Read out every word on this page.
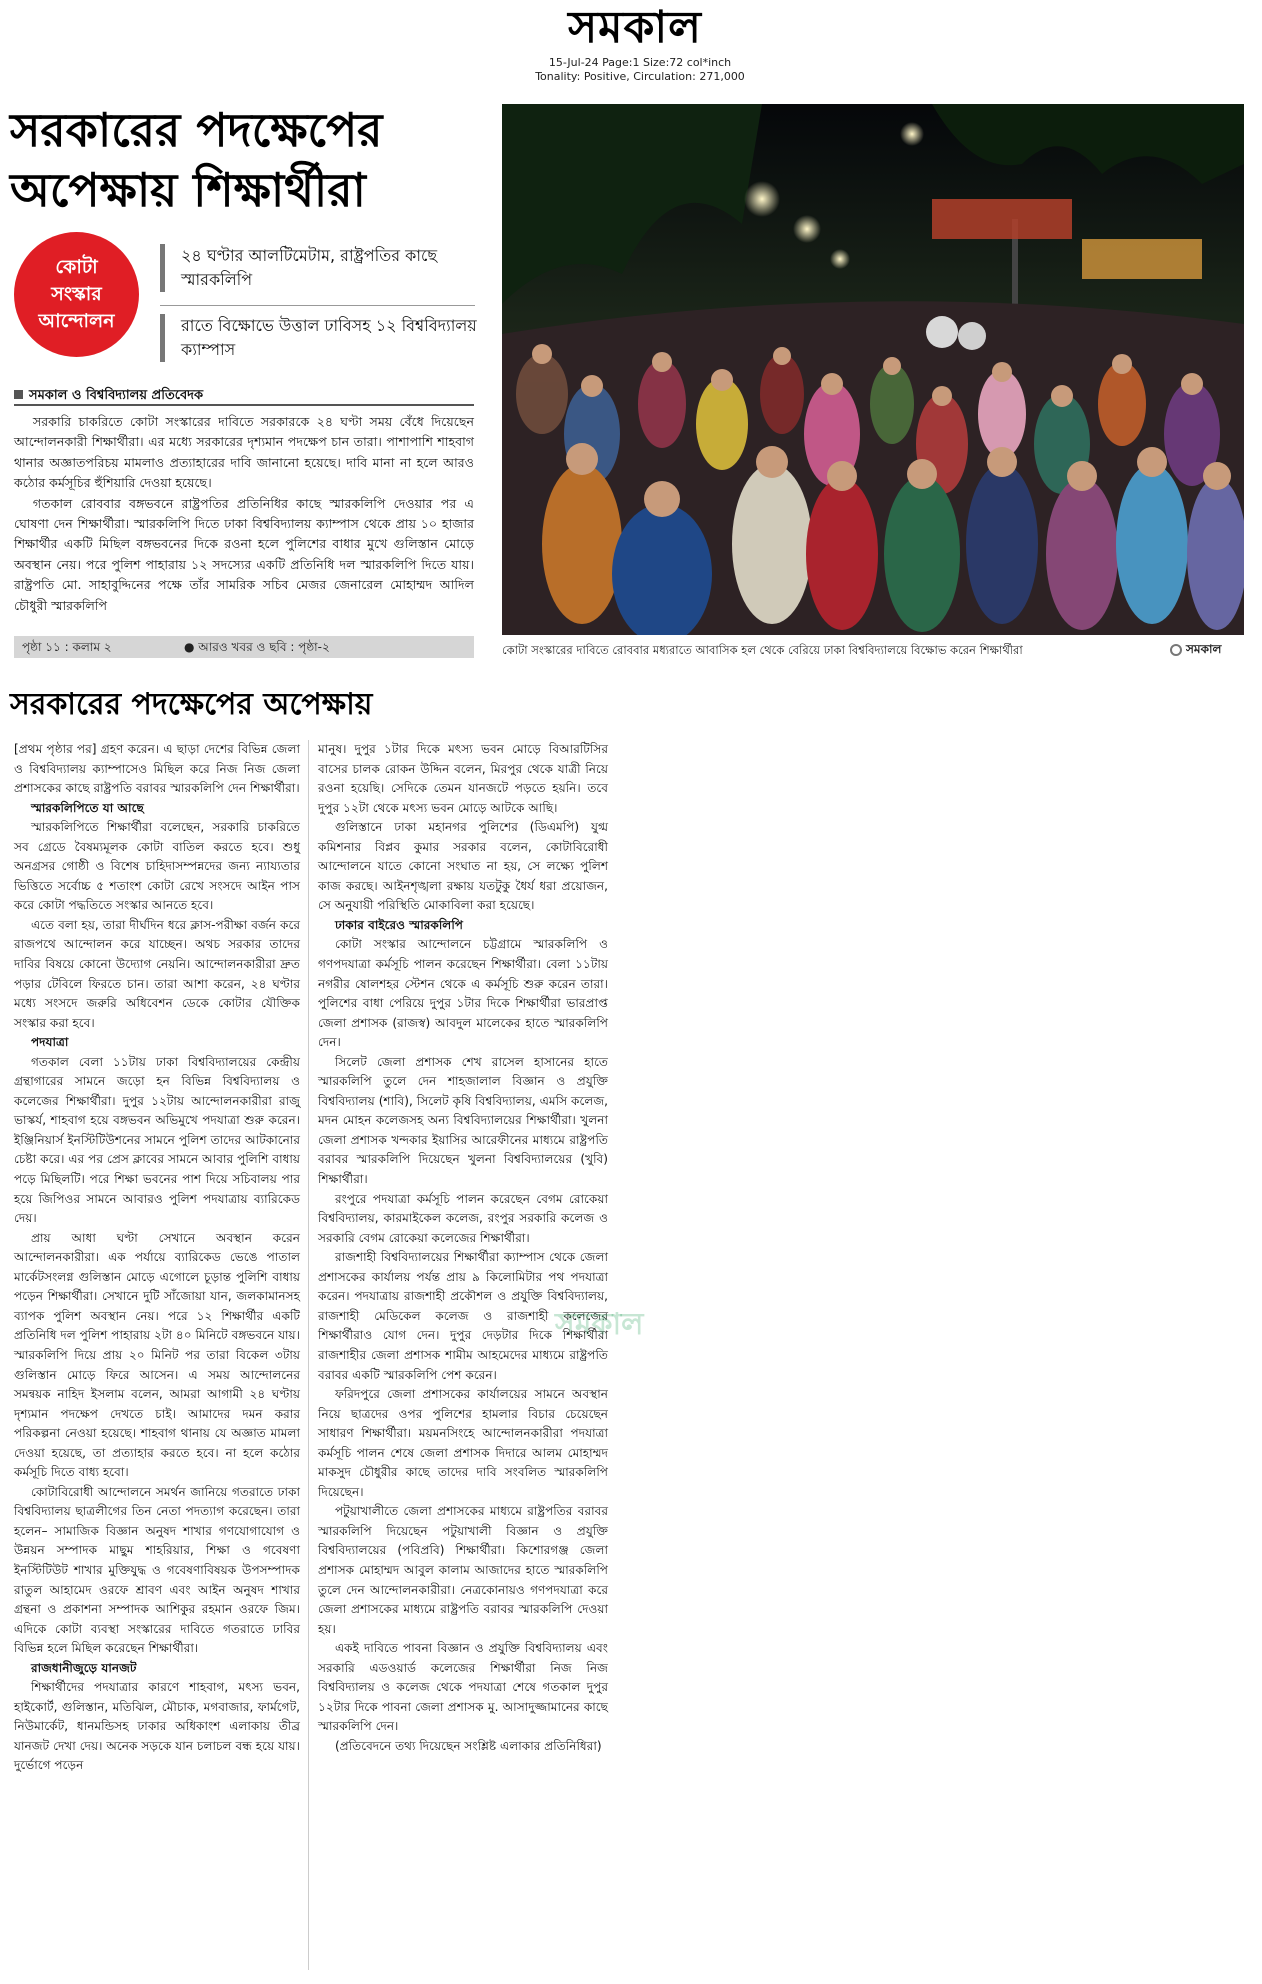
সমকাল
15-Jul-24 Page:1 Size:72 col*inch
Tonality: Positive, Circulation: 271,000
সরকারের পদক্ষেপের
অপেক্ষায় শিক্ষার্থীরা
কোটা
সংস্কার
আন্দোলন
২৪ ঘণ্টার আলটিমেটাম, রাষ্ট্রপতির কাছে স্মারকলিপি
রাতে বিক্ষোভে উত্তাল ঢাবিসহ ১২ বিশ্ববিদ্যালয় ক্যাম্পাস
সমকাল ও বিশ্ববিদ্যালয় প্রতিবেদক

সরকারি চাকরিতে কোটা সংস্কারের দাবিতে সরকারকে ২৪ ঘণ্টা সময় বেঁধে দিয়েছেন আন্দোলনকারী শিক্ষার্থীরা। এর মধ্যে সরকারের দৃশ্যমান পদক্ষেপ চান তারা। পাশাপাশি শাহবাগ থানার অজ্ঞাতপরিচয় মামলাও প্রত্যাহারের দাবি জানানো হয়েছে। দাবি মানা না হলে আরও কঠোর কর্মসূচির হুঁশিয়ারি দেওয়া হয়েছে।

গতকাল রোববার বঙ্গভবনে রাষ্ট্রপতির প্রতিনিধির কাছে স্মারকলিপি দেওয়ার পর এ ঘোষণা দেন শিক্ষার্থীরা। স্মারকলিপি দিতে ঢাকা বিশ্ববিদ্যালয় ক্যাম্পাস থেকে প্রায় ১০ হাজার শিক্ষার্থীর একটি মিছিল বঙ্গভবনের দিকে রওনা হলে পুলিশের বাধার মুখে গুলিস্তান মোড়ে অবস্থান নেয়। পরে পুলিশ পাহারায় ১২ সদস্যের একটি প্রতিনিধি দল স্মারকলিপি দিতে যায়। রাষ্ট্রপতি মো. সাহাবুদ্দিনের পক্ষে তাঁর সামরিক সচিব মেজর জেনারেল মোহাম্মদ আদিল চৌধুরী স্মারকলিপি

পৃষ্ঠা ১১ : কলাম ২	● আরও খবর ও ছবি : পৃষ্ঠা-২	কোটা সংস্কারের দাবিতে রোববার মধ্যরাতে আবাসিক হল থেকে বেরিয়ে ঢাকা বিশ্ববিদ্যালয়ে বিক্ষোভ করেন শিক্ষার্থীরা	সমকাল
সরকারের পদক্ষেপের অপেক্ষায়

[প্রথম পৃষ্ঠার পর] গ্রহণ করেন। এ ছাড়া দেশের বিভিন্ন জেলা ও বিশ্ববিদ্যালয় ক্যাম্পাসেও মিছিল করে নিজ নিজ জেলা প্রশাসকের কাছে রাষ্ট্রপতি বরাবর স্মারকলিপি দেন শিক্ষার্থীরা।

স্মারকলিপিতে যা আছে

স্মারকলিপিতে শিক্ষার্থীরা বলেছেন, সরকারি চাকরিতে সব গ্রেডে বৈষম্যমূলক কোটা বাতিল করতে হবে। শুধু অনগ্রসর গোষ্ঠী ও বিশেষ চাহিদাসম্পন্নদের জন্য ন্যায্যতার ভিত্তিতে সর্বোচ্চ ৫ শতাংশ কোটা রেখে সংসদে আইন পাস করে কোটা পদ্ধতিতে সংস্কার আনতে হবে।

এতে বলা হয়, তারা দীর্ঘদিন ধরে ক্লাস-পরীক্ষা বর্জন করে রাজপথে আন্দোলন করে যাচ্ছেন। অথচ সরকার তাদের দাবির বিষয়ে কোনো উদ্যোগ নেয়নি। আন্দোলনকারীরা দ্রুত পড়ার টেবিলে ফিরতে চান। তারা আশা করেন, ২৪ ঘণ্টার মধ্যে সংসদে জরুরি অধিবেশন ডেকে কোটার যৌক্তিক সংস্কার করা হবে।

পদযাত্রা

গতকাল বেলা ১১টায় ঢাকা বিশ্ববিদ্যালয়ের কেন্দ্রীয় গ্রন্থাগারের সামনে জড়ো হন বিভিন্ন বিশ্ববিদ্যালয় ও কলেজের শিক্ষার্থীরা। দুপুর ১২টায় আন্দোলনকারীরা রাজু ভাস্কর্য, শাহবাগ হয়ে বঙ্গভবন অভিমুখে পদযাত্রা শুরু করেন। ইঞ্জিনিয়ার্স ইনস্টিটিউশনের সামনে পুলিশ তাদের আটকানোর চেষ্টা করে। এর পর প্রেস ক্লাবের সামনে আবার পুলিশি বাধায় পড়ে মিছিলটি। পরে শিক্ষা ভবনের পাশ দিয়ে সচিবালয় পার হয়ে জিপিওর সামনে আবারও পুলিশ পদযাত্রায় ব্যারিকেড দেয়।

প্রায় আধা ঘণ্টা সেখানে অবস্থান করেন আন্দোলনকারীরা। এক পর্যায়ে ব্যারিকেড ভেঙে পাতাল মার্কেটসংলগ্ন গুলিস্তান মোড়ে এগোলে চূড়ান্ত পুলিশি বাধায় পড়েন শিক্ষার্থীরা। সেখানে দুটি সাঁজোয়া যান, জলকামানসহ ব্যাপক পুলিশ অবস্থান নেয়। পরে ১২ শিক্ষার্থীর একটি প্রতিনিধি দল পুলিশ পাহারায় ২টা ৪০ মিনিটে বঙ্গভবনে যায়। স্মারকলিপি দিয়ে প্রায় ২০ মিনিট পর তারা বিকেল ৩টায় গুলিস্তান মোড়ে ফিরে আসেন। এ সময় আন্দোলনের সমন্বয়ক নাহিদ ইসলাম বলেন, আমরা আগামী ২৪ ঘণ্টায় দৃশ্যমান পদক্ষেপ দেখতে চাই। আমাদের দমন করার পরিকল্পনা নেওয়া হয়েছে। শাহবাগ থানায় যে অজ্ঞাত মামলা দেওয়া হয়েছে, তা প্রত্যাহার করতে হবে। না হলে কঠোর কর্মসূচি দিতে বাধ্য হবো।

কোটাবিরোধী আন্দোলনে সমর্থন জানিয়ে গতরাতে ঢাকা বিশ্ববিদ্যালয় ছাত্রলীগের তিন নেতা পদত্যাগ করেছেন। তারা হলেন– সামাজিক বিজ্ঞান অনুষদ শাখার গণযোগাযোগ ও উন্নয়ন সম্পাদক মাছুম শাহরিয়ার, শিক্ষা ও গবেষণা ইনস্টিটিউট শাখার মুক্তিযুদ্ধ ও গবেষণাবিষয়ক উপসম্পাদক রাতুল আহামেদ ওরফে শ্রাবণ এবং আইন অনুষদ শাখার গ্রন্থনা ও প্রকাশনা সম্পাদক আশিকুর রহমান ওরফে জিম। এদিকে কোটা ব্যবস্থা সংস্কারের দাবিতে গতরাতে ঢাবির বিভিন্ন হলে মিছিল করেছেন শিক্ষার্থীরা।

রাজধানীজুড়ে যানজট

শিক্ষার্থীদের পদযাত্রার কারণে শাহবাগ, মৎস্য ভবন, হাইকোর্ট, গুলিস্তান, মতিঝিল, মৌচাক, মগবাজার, ফার্মগেট, নিউমার্কেট, ধানমন্ডিসহ ঢাকার অধিকাংশ এলাকায় তীব্র যানজট দেখা দেয়। অনেক সড়কে যান চলাচল বন্ধ হয়ে যায়। দুর্ভোগে পড়েন

মানুষ। দুপুর ১টার দিকে মৎস্য ভবন মোড়ে বিআরটিসির বাসের চালক রোকন উদ্দিন বলেন, মিরপুর থেকে যাত্রী নিয়ে রওনা হয়েছি। সেদিকে তেমন যানজটে পড়তে হয়নি। তবে দুপুর ১২টা থেকে মৎস্য ভবন মোড়ে আটকে আছি।

গুলিস্তানে ঢাকা মহানগর পুলিশের (ডিএমপি) যুগ্ম কমিশনার বিপ্লব কুমার সরকার বলেন, কোটাবিরোধী আন্দোলনে যাতে কোনো সংঘাত না হয়, সে লক্ষ্যে পুলিশ কাজ করছে। আইনশৃঙ্খলা রক্ষায় যতটুকু ধৈর্য ধরা প্রয়োজন, সে অনুযায়ী পরিস্থিতি মোকাবিলা করা হয়েছে।

ঢাকার বাইরেও স্মারকলিপি

কোটা সংস্কার আন্দোলনে চট্টগ্রামে স্মারকলিপি ও গণপদযাত্রা কর্মসূচি পালন করেছেন শিক্ষার্থীরা। বেলা ১১টায় নগরীর ষোলশহর স্টেশন থেকে এ কর্মসূচি শুরু করেন তারা। পুলিশের বাধা পেরিয়ে দুপুর ১টার দিকে শিক্ষার্থীরা ভারপ্রাপ্ত জেলা প্রশাসক (রাজস্ব) আবদুল মালেকের হাতে স্মারকলিপি দেন।

সিলেট জেলা প্রশাসক শেখ রাসেল হাসানের হাতে স্মারকলিপি তুলে দেন শাহজালাল বিজ্ঞান ও প্রযুক্তি বিশ্ববিদ্যালয় (শাবি), সিলেট কৃষি বিশ্ববিদ্যালয়, এমসি কলেজ, মদন মোহন কলেজসহ অন্য বিশ্ববিদ্যালয়ের শিক্ষার্থীরা। খুলনা জেলা প্রশাসক খন্দকার ইয়াসির আরেফীনের মাধ্যমে রাষ্ট্রপতি বরাবর স্মারকলিপি দিয়েছেন খুলনা বিশ্ববিদ্যালয়ের (খুবি) শিক্ষার্থীরা।

রংপুরে পদযাত্রা কর্মসূচি পালন করেছেন বেগম রোকেয়া বিশ্ববিদ্যালয়, কারমাইকেল কলেজ, রংপুর সরকারি কলেজ ও সরকারি বেগম রোকেয়া কলেজের শিক্ষার্থীরা।

রাজশাহী বিশ্ববিদ্যালয়ের শিক্ষার্থীরা ক্যাম্পাস থেকে জেলা প্রশাসকের কার্যালয় পর্যন্ত প্রায় ৯ কিলোমিটার পথ পদযাত্রা করেন। পদযাত্রায় রাজশাহী প্রকৌশল ও প্রযুক্তি বিশ্ববিদ্যালয়, রাজশাহী মেডিকেল কলেজ ও রাজশাহী কলেজের শিক্ষার্থীরাও যোগ দেন। দুপুর দেড়টার দিকে শিক্ষার্থীরা রাজশাহীর জেলা প্রশাসক শামীম আহমেদের মাধ্যমে রাষ্ট্রপতি বরাবর একটি স্মারকলিপি পেশ করেন।

ফরিদপুরে জেলা প্রশাসকের কার্যালয়ের সামনে অবস্থান নিয়ে ছাত্রদের ওপর পুলিশের হামলার বিচার চেয়েছেন সাধারণ শিক্ষার্থীরা। ময়মনসিংহে আন্দোলনকারীরা পদযাত্রা কর্মসূচি পালন শেষে জেলা প্রশাসক দিদারে আলম মোহাম্মদ মাকসুদ চৌধুরীর কাছে তাদের দাবি সংবলিত স্মারকলিপি দিয়েছেন।

পটুয়াখালীতে জেলা প্রশাসকের মাধ্যমে রাষ্ট্রপতির বরাবর স্মারকলিপি দিয়েছেন পটুয়াখালী বিজ্ঞান ও প্রযুক্তি বিশ্ববিদ্যালয়ের (পবিপ্রবি) শিক্ষার্থীরা। কিশোরগঞ্জ জেলা প্রশাসক মোহাম্মদ আবুল কালাম আজাদের হাতে স্মারকলিপি তুলে দেন আন্দোলনকারীরা। নেত্রকোনায়ও গণপদযাত্রা করে জেলা প্রশাসকের মাধ্যমে রাষ্ট্রপতি বরাবর স্মারকলিপি দেওয়া হয়।

একই দাবিতে পাবনা বিজ্ঞান ও প্রযুক্তি বিশ্ববিদ্যালয় এবং সরকারি এডওয়ার্ড কলেজের শিক্ষার্থীরা নিজ নিজ বিশ্ববিদ্যালয় ও কলেজ থেকে পদযাত্রা শেষে গতকাল দুপুর ১২টার দিকে পাবনা জেলা প্রশাসক মু. আসাদুজ্জামানের কাছে স্মারকলিপি দেন।

(প্রতিবেদনে তথ্য দিয়েছেন সংশ্লিষ্ট এলাকার প্রতিনিধিরা)

সমকাল
